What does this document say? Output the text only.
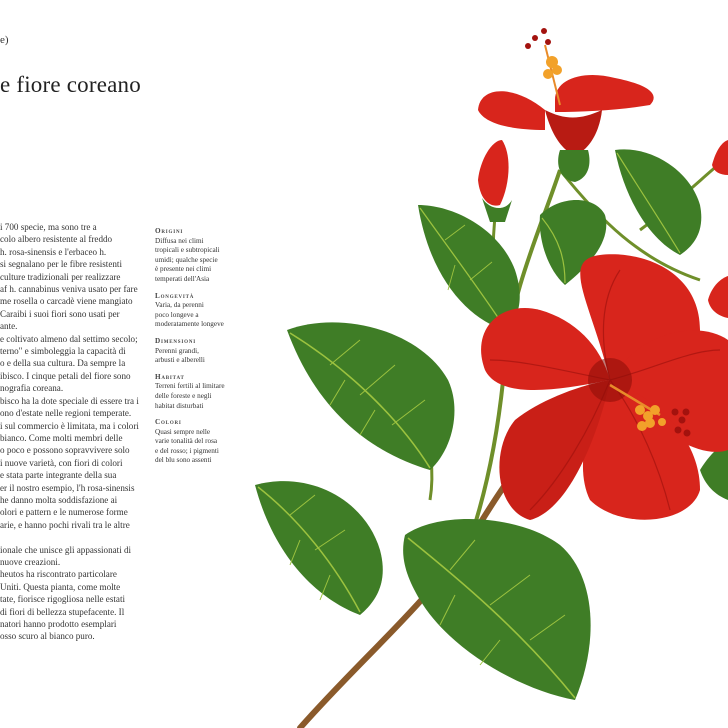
e)
e fiore coreano

i 700 specie, ma sono tre a

colo albero resistente al freddo

h. rosa-sinensis e l'erbaceo h.

si segnalano per le fibre resistenti

culture tradizionali per realizzare

af h. cannabinus veniva usato per fare

me rosella o carcadè viene mangiato

Caraibi i suoi fiori sono usati per

ante.

e coltivato almeno dal settimo secolo;

terno" e simboleggia la capacità di

o e della sua cultura. Da sempre la

ibisco. I cinque petali del fiore sono

nografia coreana.

bisco ha la dote speciale di essere tra i

ono d'estate nelle regioni temperate.

i sul commercio è limitata, ma i colori

bianco. Come molti membri delle

o poco e possono sopravvivere solo

i nuove varietà, con fiori di colori

e stata parte integrante della sua

er il nostro esempio, l'h rosa-sinensis

he danno molta soddisfazione ai

olori e pattern e le numerose forme

arie, e hanno pochi rivali tra le altre

ionale che unisce gli appassionati di

nuove creazioni.

heutos ha riscontrato particolare

Uniti. Questa pianta, come molte

tate, fiorisce rigogliosa nelle estati

di fiori di bellezza stupefacente. Il

natori hanno prodotto esemplari

osso scuro al bianco puro.

Origini

Diffusa nei climi

tropicali e subtropicali

umidi; qualche specie

è presente nei climi

temperati dell'Asia

Longevità

Varia, da perenni

poco longeve a

moderatamente longeve

Dimensioni

Perenni grandi,

arbusti e alberelli

Habitat

Terreni fertili al limitare

delle foreste e negli

habitat disturbati

Colori

Quasi sempre nelle

varie tonalità del rosa

e del rosso; i pigmenti

del blu sono assenti
